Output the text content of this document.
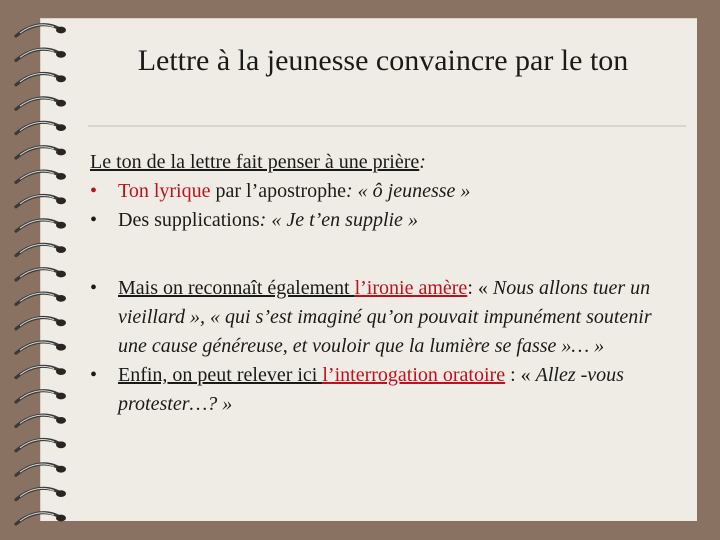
Lettre à la jeunesse convaincre par le ton

Le ton de la lettre fait penser à une prière:

•	Ton lyrique par l’apostrophe: « ô jeunesse »
•	Des supplications: « Je t’en supplie »
•	Mais on reconnaît également l’ironie amère: « Nous allons tuer un vieillard », « qui s’est imaginé qu’on pouvait impunément soutenir une cause généreuse, et vouloir que la lumière se fasse »… »
•	Enfin, on peut relever ici l’interrogation oratoire : « Allez -vous protester…? »
